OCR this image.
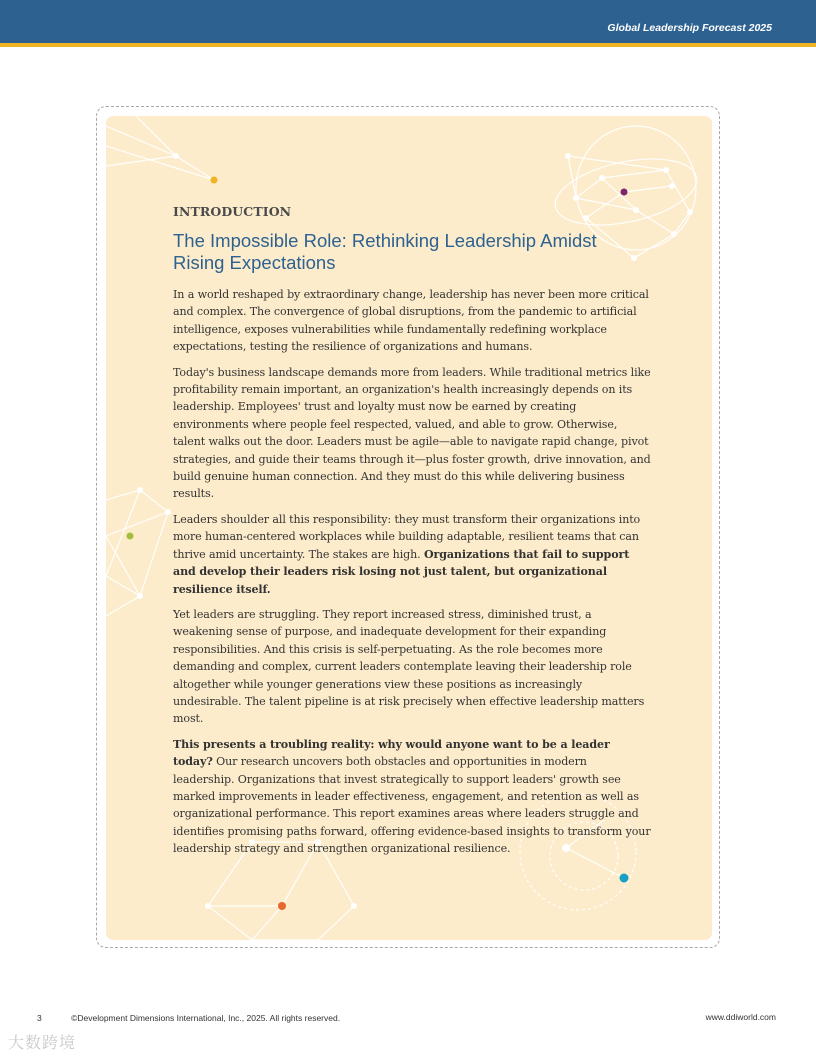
Global Leadership Forecast 2025
INTRODUCTION
The Impossible Role: Rethinking Leadership Amidst
Rising Expectations

In a world reshaped by extraordinary change, leadership has never been more critical and complex. The convergence of global disruptions, from the pandemic to artificial intelligence, exposes vulnerabilities while fundamentally redefining workplace expectations, testing the resilience of organizations and humans.

Today's business landscape demands more from leaders. While traditional metrics like profitability remain important, an organization's health increasingly depends on its leadership. Employees' trust and loyalty must now be earned by creating environments where people feel respected, valued, and able to grow. Otherwise, talent walks out the door. Leaders must be agile—able to navigate rapid change, pivot strategies, and guide their teams through it—plus foster growth, drive innovation, and build genuine human connection. And they must do this while delivering business results.

Leaders shoulder all this responsibility: they must transform their organizations into more human-centered workplaces while building adaptable, resilient teams that can thrive amid uncertainty. The stakes are high. Organizations that fail to support and develop their leaders risk losing not just talent, but organizational resilience itself.

Yet leaders are struggling. They report increased stress, diminished trust, a weakening sense of purpose, and inadequate development for their expanding responsibilities. And this crisis is self-perpetuating. As the role becomes more demanding and complex, current leaders contemplate leaving their leadership role altogether while younger generations view these positions as increasingly undesirable. The talent pipeline is at risk precisely when effective leadership matters most.

This presents a troubling reality: why would anyone want to be a leader today? Our research uncovers both obstacles and opportunities in modern leadership. Organizations that invest strategically to support leaders' growth see marked improvements in leader effectiveness, engagement, and retention as well as organizational performance. This report examines areas where leaders struggle and identifies promising paths forward, offering evidence-based insights to transform your leadership strategy and strengthen organizational resilience.

3	©Development Dimensions International, Inc., 2025. All rights reserved.	www.ddiworld.com
大数跨境
